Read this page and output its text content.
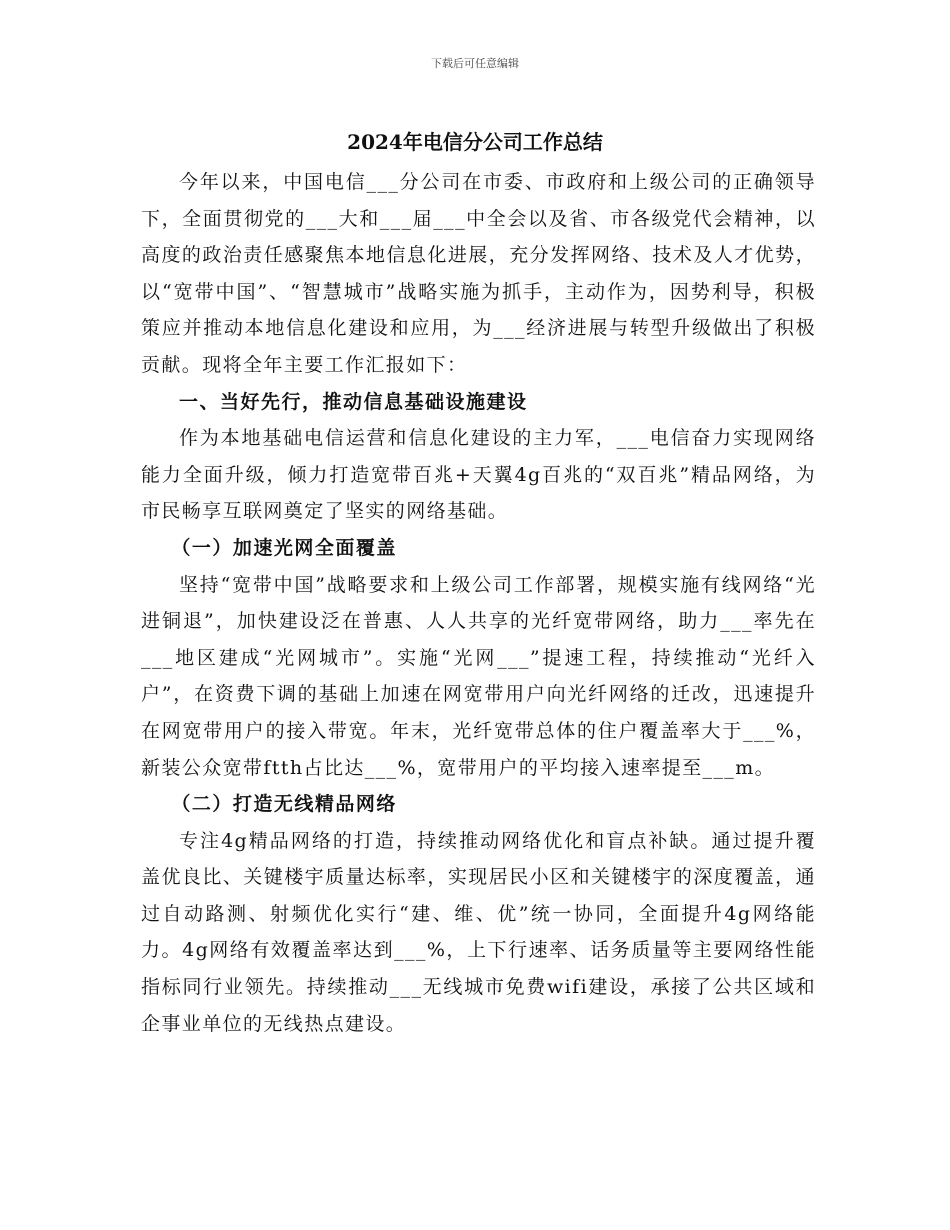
下载后可任意编辑
2024年电信分公司工作总结

今年以来，中国电信___分公司在市委、市政府和上级公司的正确领导下，全面贯彻党的___大和___届___中全会以及省、市各级党代会精神，以高度的政治责任感聚焦本地信息化进展，充分发挥网络、技术及人才优势，以“宽带中国”、“智慧城市”战略实施为抓手，主动作为，因势利导，积极策应并推动本地信息化建设和应用，为___经济进展与转型升级做出了积极贡献。现将全年主要工作汇报如下：

一、当好先行，推动信息基础设施建设

作为本地基础电信运营和信息化建设的主力军，___电信奋力实现网络能力全面升级，倾力打造宽带百兆+天翼4g百兆的“双百兆”精品网络，为市民畅享互联网奠定了坚实的网络基础。

（一）加速光网全面覆盖

坚持“宽带中国”战略要求和上级公司工作部署，规模实施有线网络“光进铜退”，加快建设泛在普惠、人人共享的光纤宽带网络，助力___率先在___地区建成“光网城市”。实施“光网___”提速工程，持续推动“光纤入户”，在资费下调的基础上加速在网宽带用户向光纤网络的迁改，迅速提升在网宽带用户的接入带宽。年末，光纤宽带总体的住户覆盖率大于___%，新装公众宽带ftth占比达___%，宽带用户的平均接入速率提至___m。

（二）打造无线精品网络

专注4g精品网络的打造，持续推动网络优化和盲点补缺。通过提升覆盖优良比、关键楼宇质量达标率，实现居民小区和关键楼宇的深度覆盖，通过自动路测、射频优化实行“建、维、优”统一协同，全面提升4g网络能力。4g网络有效覆盖率达到___%，上下行速率、话务质量等主要网络性能指标同行业领先。持续推动___无线城市免费wifi建设，承接了公共区域和企事业单位的无线热点建设。
